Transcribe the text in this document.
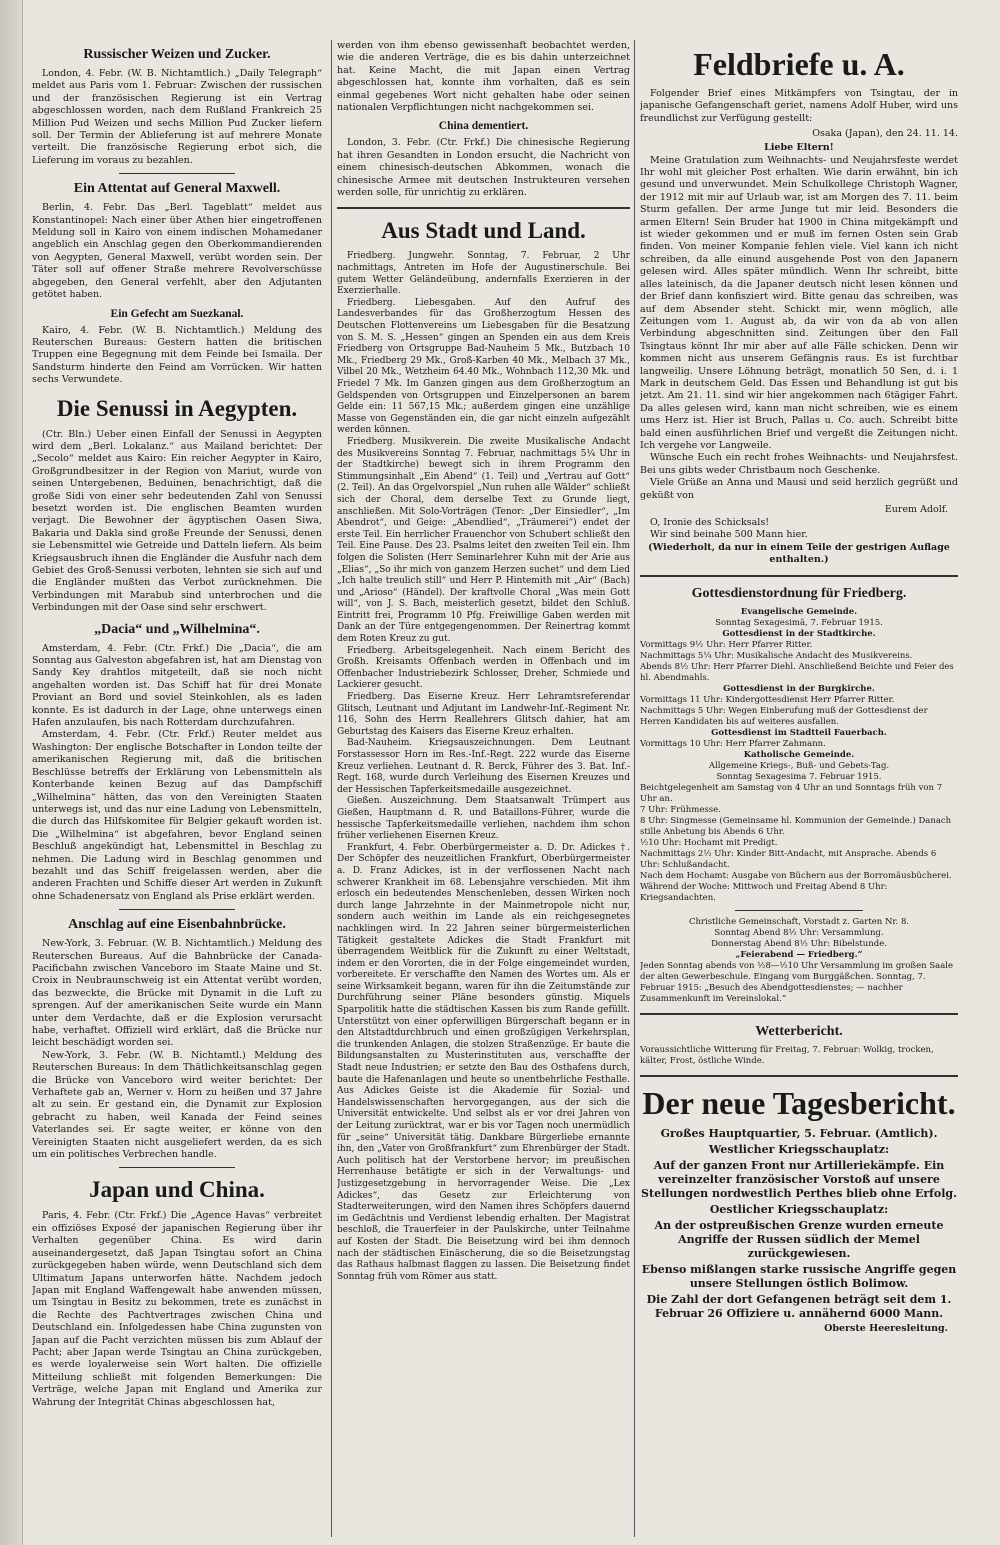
Russischer Weizen und Zucker.

London, 4. Febr. (W. B. Nichtamtlich.) „Daily Telegraph“ meldet aus Paris vom 1. Februar: Zwischen der russischen und der französischen Regierung ist ein Vertrag abgeschlossen worden, nach dem Rußland Frankreich 25 Million Pud Weizen und sechs Million Pud Zucker liefern soll. Der Termin der Ablieferung ist auf mehrere Monate verteilt. Die französische Regierung erbot sich, die Lieferung im voraus zu bezahlen.

Ein Attentat auf General Maxwell.

Berlin, 4. Febr. Das „Berl. Tageblatt“ meldet aus Konstantinopel: Nach einer über Athen hier eingetroffenen Meldung soll in Kairo von einem indischen Mohamedaner angeblich ein Anschlag gegen den Oberkommandierenden von Aegypten, General Maxwell, verübt worden sein. Der Täter soll auf offener Straße mehrere Revolverschüsse abgegeben, den General verfehlt, aber den Adjutanten getötet haben.

Ein Gefecht am Suezkanal.

Kairo, 4. Febr. (W. B. Nichtamtlich.) Meldung des Reuterschen Bureaus: Gestern hatten die britischen Truppen eine Begegnung mit dem Feinde bei Ismaila. Der Sandsturm hinderte den Feind am Vorrücken. Wir hatten sechs Verwundete.

Die Senussi in Aegypten.

(Ctr. Bln.) Ueber einen Einfall der Senussi in Aegypten wird dem „Berl. Lokalanz.“ aus Mailand berichtet: Der „Secolo“ meldet aus Kairo: Ein reicher Aegypter in Kairo, Großgrundbesitzer in der Region von Mariut, wurde von seinen Untergebenen, Beduinen, benachrichtigt, daß die große Sidi von einer sehr bedeutenden Zahl von Senussi besetzt worden ist. Die englischen Beamten wurden verjagt. Die Bewohner der ägyptischen Oasen Siwa, Bakaria und Dakla sind große Freunde der Senussi, denen sie Lebensmittel wie Getreide und Datteln liefern. Als beim Kriegsausbruch ihnen die Engländer die Ausfuhr nach dem Gebiet des Groß-Senussi verboten, lehnten sie sich auf und die Engländer mußten das Verbot zurücknehmen. Die Verbindungen mit Marabub sind unterbrochen und die Verbindungen mit der Oase sind sehr erschwert.

„Dacia“ und „Wilhelmina“.

Amsterdam, 4. Febr. (Ctr. Frkf.) Die „Dacia“, die am Sonntag aus Galveston abgefahren ist, hat am Dienstag von Sandy Key drahtlos mitgeteilt, daß sie noch nicht angehalten worden ist. Das Schiff hat für drei Monate Proviant an Bord und soviel Steinkohlen, als es laden konnte. Es ist dadurch in der Lage, ohne unterwegs einen Hafen anzulaufen, bis nach Rotterdam durchzufahren.

Amsterdam, 4. Febr. (Ctr. Frkf.) Reuter meldet aus Washington: Der englische Botschafter in London teilte der amerikanischen Regierung mit, daß die britischen Beschlüsse betreffs der Erklärung von Lebensmitteln als Konterbande keinen Bezug auf das Dampfschiff „Wilhelmina“ hätten, das von den Vereinigten Staaten unterwegs ist, und das nur eine Ladung von Lebensmitteln, die durch das Hilfskomitee für Belgier gekauft worden ist. Die „Wilhelmina“ ist abgefahren, bevor England seinen Beschluß angekündigt hat, Lebensmittel in Beschlag zu nehmen. Die Ladung wird in Beschlag genommen und bezahlt und das Schiff freigelassen werden, aber die anderen Frachten und Schiffe dieser Art werden in Zukunft ohne Schadenersatz von England als Prise erklärt werden.

Anschlag auf eine Eisenbahnbrücke.

New-York, 3. Februar. (W. B. Nichtamtlich.) Meldung des Reuterschen Bureaus. Auf die Bahnbrücke der Canada-Pacificbahn zwischen Vanceboro im Staate Maine und St. Croix in Neubraunschweig ist ein Attentat verübt worden, das bezweckte, die Brücke mit Dynamit in die Luft zu sprengen. Auf der amerikanischen Seite wurde ein Mann unter dem Verdachte, daß er die Explosion verursacht habe, verhaftet. Offiziell wird erklärt, daß die Brücke nur leicht beschädigt worden sei.

New-York, 3. Febr. (W. B. Nichtamtl.) Meldung des Reuterschen Bureaus: In dem Thätlichkeitsanschlag gegen die Brücke von Vanceboro wird weiter berichtet: Der Verhaftete gab an, Werner v. Horn zu heißen und 37 Jahre alt zu sein. Er gestand ein, die Dynamit zur Explosion gebracht zu haben, weil Kanada der Feind seines Vaterlandes sei. Er sagte weiter, er könne von den Vereinigten Staaten nicht ausgeliefert werden, da es sich um ein politisches Verbrechen handle.

Japan und China.

Paris, 4. Febr. (Ctr. Frkf.) Die „Agence Havas“ verbreitet ein offiziöses Exposé der japanischen Regierung über ihr Verhalten gegenüber China. Es wird darin auseinandergesetzt, daß Japan Tsingtau sofort an China zurückgegeben haben würde, wenn Deutschland sich dem Ultimatum Japans unterworfen hätte. Nachdem jedoch Japan mit England Waffengewalt habe anwenden müssen, um Tsingtau in Besitz zu bekommen, trete es zunächst in die Rechte des Pachtvertrages zwischen China und Deutschland ein. Infolgedessen habe China zugunsten von Japan auf die Pacht verzichten müssen bis zum Ablauf der Pacht; aber Japan werde Tsingtau an China zurückgeben, es werde loyalerweise sein Wort halten. Die offizielle Mitteilung schließt mit folgenden Bemerkungen: Die Verträge, welche Japan mit England und Amerika zur Wahrung der Integrität Chinas abgeschlossen hat,

werden von ihm ebenso gewissenhaft beobachtet werden, wie die anderen Verträge, die es bis dahin unterzeichnet hat. Keine Macht, die mit Japan einen Vertrag abgeschlossen hat, konnte ihm vorhalten, daß es sein einmal gegebenes Wort nicht gehalten habe oder seinen nationalen Verpflichtungen nicht nachgekommen sei.

China dementiert.

London, 3. Febr. (Ctr. Frkf.) Die chinesische Regierung hat ihren Gesandten in London ersucht, die Nachricht von einem chinesisch-deutschen Abkommen, wonach die chinesische Armee mit deutschen Instrukteuren versehen werden solle, für unrichtig zu erklären.

Aus Stadt und Land.

Friedberg. Jungwehr. Sonntag, 7. Februar, 2 Uhr nachmittags, Antreten im Hofe der Augustinerschule. Bei gutem Wetter Geländeübung, andernfalls Exerzieren in der Exerzierhalle.

Friedberg. Liebesgaben. Auf den Aufruf des Landesverbandes für das Großherzogtum Hessen des Deutschen Flottenvereins um Liebesgaben für die Besatzung von S. M. S. „Hessen“ gingen an Spenden ein aus dem Kreis Friedberg von Ortsgruppe Bad-Nauheim 5 Mk., Butzbach 10 Mk., Friedberg 29 Mk., Groß-Karben 40 Mk., Melbach 37 Mk., Vilbel 20 Mk., Wetzheim 64.40 Mk., Wohnbach 112,30 Mk. und Friedel 7 Mk. Im Ganzen gingen aus dem Großherzogtum an Geldspenden von Ortsgruppen und Einzelpersonen an barem Gelde ein: 11 567,15 Mk.; außerdem gingen eine unzählige Masse von Gegenständen ein, die gar nicht einzeln aufgezählt werden können.

Friedberg. Musikverein. Die zweite Musikalische Andacht des Musikvereins Sonntag 7. Februar, nachmittags 5¼ Uhr in der Stadtkirche) bewegt sich in ihrem Programm den Stimmungsinhalt „Ein Abend“ (1. Teil) und „Vertrau auf Gott“ (2. Teil). An das Orgelvorspiel „Nun ruhen alle Wälder“ schließt sich der Choral, dem derselbe Text zu Grunde liegt, anschließen. Mit Solo-Vorträgen (Tenor: „Der Einsiedler“, „Im Abendrot“, und Geige: „Abendlied“, „Träumerei“) endet der erste Teil. Ein herrlicher Frauenchor von Schubert schließt den Teil. Eine Pause. Des 23. Psalms leitet den zweiten Teil ein. Ihm folgen die Solisten (Herr Seminarlehrer Kuhn mit der Arie aus „Elias“, „So ihr mich von ganzem Herzen suchet“ und dem Lied „Ich halte treulich still“ und Herr P. Hintemith mit „Air“ (Bach) und „Arioso“ (Händel). Der kraftvolle Choral „Was mein Gott will“, von J. S. Bach, meisterlich gesetzt, bildet den Schluß. Eintritt frei, Programm 10 Pfg. Freiwillige Gaben werden mit Dank an der Türe entgegengenommen. Der Reinertrag kommt dem Roten Kreuz zu gut.

Friedberg. Arbeitsgelegenheit. Nach einem Bericht des Großh. Kreisamts Offenbach werden in Offenbach und im Offenbacher Industriebezirk Schlosser, Dreher, Schmiede und Lackierer gesucht.

Friedberg. Das Eiserne Kreuz. Herr Lehramtsreferendar Glitsch, Leutnant und Adjutant im Landwehr-Inf.-Regiment Nr. 116, Sohn des Herrn Reallehrers Glitsch dahier, hat am Geburtstag des Kaisers das Eiserne Kreuz erhalten.

Bad-Nauheim. Kriegsauszeichnungen. Dem Leutnant Forstassessor Horn im Res.-Inf.-Regt. 222 wurde das Eiserne Kreuz verliehen. Leutnant d. R. Berck, Führer des 3. Bat. Inf.-Regt. 168, wurde durch Verleihung des Eisernen Kreuzes und der Hessischen Tapferkeitsmedaille ausgezeichnet.

Gießen. Auszeichnung. Dem Staatsanwalt Trümpert aus Gießen, Hauptmann d. R. und Bataillons-Führer, wurde die hessische Tapferkeitsmedaille verliehen, nachdem ihm schon früher verliehenen Eisernen Kreuz.

Frankfurt, 4. Febr. Oberbürgermeister a. D. Dr. Adickes †. Der Schöpfer des neuzeitlichen Frankfurt, Oberbürgermeister a. D. Franz Adickes, ist in der verflossenen Nacht nach schwerer Krankheit im 68. Lebensjahre verschieden. Mit ihm erlosch ein bedeutendes Menschenleben, dessen Wirken noch durch lange Jahrzehnte in der Mainmetropole nicht nur, sondern auch weithin im Lande als ein reichgesegnetes nachklingen wird. In 22 Jahren seiner bürgermeisterlichen Tätigkeit gestaltete Adickes die Stadt Frankfurt mit überragendem Weitblick für die Zukunft zu einer Weltstadt, indem er den Vororten, die in der Folge eingemeindet wurden, vorbereitete. Er verschaffte den Namen des Wortes um. Als er seine Wirksamkeit begann, waren für ihn die Zeitumstände zur Durchführung seiner Pläne besonders günstig. Miquels Sparpolitik hatte die städtischen Kassen bis zum Rande gefüllt. Unterstützt von einer opferwilligen Bürgerschaft begann er in den Altstadtdurchbruch und einen großzügigen Verkehrsplan, die trunkenden Anlagen, die stolzen Straßenzüge. Er baute die Bildungsanstalten zu Musterinstituten aus, verschaffte der Stadt neue Industrien; er setzte den Bau des Osthafens durch, baute die Hafenanlagen und heute so unentbehrliche Festhalle. Aus Adickes Geiste ist die Akademie für Sozial- und Handelswissenschaften hervorgegangen, aus der sich die Universität entwickelte. Und selbst als er vor drei Jahren von der Leitung zurücktrat, war er bis vor Tagen noch unermüdlich für „seine“ Universität tätig. Dankbare Bürgerliebe ernannte ihn, den „Vater von Großfrankfurt“ zum Ehrenbürger der Stadt. Auch politisch hat der Verstorbene hervor; im preußischen Herrenhause betätigte er sich in der Verwaltungs- und Justizgesetzgebung in hervorragender Weise. Die „Lex Adickes“, das Gesetz zur Erleichterung von Stadterweiterungen, wird den Namen ihres Schöpfers dauernd im Gedächtnis und Verdienst lebendig erhalten. Der Magistrat beschloß, die Trauerfeier in der Paulskirche, unter Teilnahme auf Kosten der Stadt. Die Beisetzung wird bei ihm dennoch nach der städtischen Einäscherung, die so die Beisetzungstag das Rathaus halbmast flaggen zu lassen. Die Beisetzung findet Sonntag früh vom Römer aus statt.

Feldbriefe u. A.

Folgender Brief eines Mitkämpfers von Tsingtau, der in japanische Gefangenschaft geriet, namens Adolf Huber, wird uns freundlichst zur Verfügung gestellt:

Osaka (Japan), den 24. 11. 14.

Liebe Eltern!

Meine Gratulation zum Weihnachts- und Neujahrsfeste werdet Ihr wohl mit gleicher Post erhalten. Wie darin erwähnt, bin ich gesund und unverwundet. Mein Schulkollege Christoph Wagner, der 1912 mit mir auf Urlaub war, ist am Morgen des 7. 11. beim Sturm gefallen. Der arme Junge tut mir leid. Besonders die armen Eltern! Sein Bruder hat 1900 in China mitgekämpft und ist wieder gekommen und er muß im fernen Osten sein Grab finden. Von meiner Kompanie fehlen viele. Viel kann ich nicht schreiben, da alle einund ausgehende Post von den Japanern gelesen wird. Alles später mündlich. Wenn Ihr schreibt, bitte alles lateinisch, da die Japaner deutsch nicht lesen können und der Brief dann konfisziert wird. Bitte genau das schreiben, was auf dem Absender steht. Schickt mir, wenn möglich, alle Zeitungen vom 1. August ab, da wir von da ab von allen Verbindung abgeschnitten sind. Zeitungen über den Fall Tsingtaus könnt Ihr mir aber auf alle Fälle schicken. Denn wir kommen nicht aus unserem Gefängnis raus. Es ist furchtbar langweilig. Unsere Löhnung beträgt, monatlich 50 Sen, d. i. 1 Mark in deutschem Geld. Das Essen und Behandlung ist gut bis jetzt. Am 21. 11. sind wir hier angekommen nach 6tägiger Fahrt. Da alles gelesen wird, kann man nicht schreiben, wie es einem ums Herz ist. Hier ist Bruch, Pallas u. Co. auch. Schreibt bitte bald einen ausführlichen Brief und vergeßt die Zeitungen nicht. Ich vergehe vor Langweile.

Wünsche Euch ein recht frohes Weihnachts- und Neujahrsfest. Bei uns gibts weder Christbaum noch Geschenke.

Viele Grüße an Anna und Mausi und seid herzlich gegrüßt und geküßt von

Eurem Adolf.

O, Ironie des Schicksals!

Wir sind beinahe 500 Mann hier.

(Wiederholt, da nur in einem Teile der gestrigen Auflage enthalten.)

Gottesdienstordnung für Friedberg.

Evangelische Gemeinde.

Sonntag Sexagesimä, 7. Februar 1915.

Gottesdienst in der Stadtkirche.

Vormittags 9½ Uhr: Herr Pfarrer Ritter.

Nachmittags 5¼ Uhr: Musikalische Andacht des Musikvereins.

Abends 8½ Uhr: Herr Pfarrer Diehl. Anschließend Beichte und Feier des hl. Abendmahls.

Gottesdienst in der Burgkirche.

Vormittags 11 Uhr: Kindergottesdienst Herr Pfarrer Ritter.

Nachmittags 5 Uhr: Wegen Einberufung muß der Gottesdienst der Herren Kandidaten bis auf weiteres ausfallen.

Gottesdienst im Stadtteil Fauerbach.

Vormittags 10 Uhr: Herr Pfarrer Zahmann.

Katholische Gemeinde.

Allgemeine Kriegs-, Buß- und Gebets-Tag.

Sonntag Sexagesima 7. Februar 1915.

Beichtgelegenheit am Samstag von 4 Uhr an und Sonntags früh von 7 Uhr an.

7 Uhr: Frühmesse.

8 Uhr: Singmesse (Gemeinsame hl. Kommunion der Gemeinde.) Danach stille Anbetung bis Abends 6 Uhr.

½10 Uhr: Hochamt mit Predigt.

Nachmittags 2½ Uhr: Kinder Bitt-Andacht, mit Ansprache. Abends 6 Uhr: Schlußandacht.

Nach dem Hochamt: Ausgabe von Büchern aus der Borromäusbücherei.

Während der Woche: Mittwoch und Freitag Abend 8 Uhr: Kriegsandachten.

Christliche Gemeinschaft, Vorstadt z. Garten Nr. 8.

Sonntag Abend 8½ Uhr: Versammlung.

Donnerstag Abend 8½ Uhr: Bibelstunde.

„Feierabend — Friedberg.“

Jeden Sonntag abends von ½8—½10 Uhr Versammlung im großen Saale der alten Gewerbeschule. Eingang vom Burggäßchen. Sonntag, 7. Februar 1915: „Besuch des Abendgottesdienstes; — nachher Zusammenkunft im Vereinslokal.“

Wetterbericht.

Voraussichtliche Witterung für Freitag, 7. Februar: Wolkig, trocken, kälter, Frost, östliche Winde.

Der neue Tagesbericht.

Großes Hauptquartier, 5. Februar. (Amtlich).

Westlicher Kriegsschauplatz:

Auf der ganzen Front nur Artilleriekämpfe. Ein vereinzelter französischer Vorstoß auf unsere Stellungen nordwestlich Perthes blieb ohne Erfolg.

Oestlicher Kriegsschauplatz:

An der ostpreußischen Grenze wurden erneute Angriffe der Russen südlich der Memel zurückgewiesen.

Ebenso mißlangen starke russische Angriffe gegen unsere Stellungen östlich Bolimow.

Die Zahl der dort Gefangenen beträgt seit dem 1. Februar 26 Offiziere u. annähernd 6000 Mann.

Oberste Heeresleitung.
